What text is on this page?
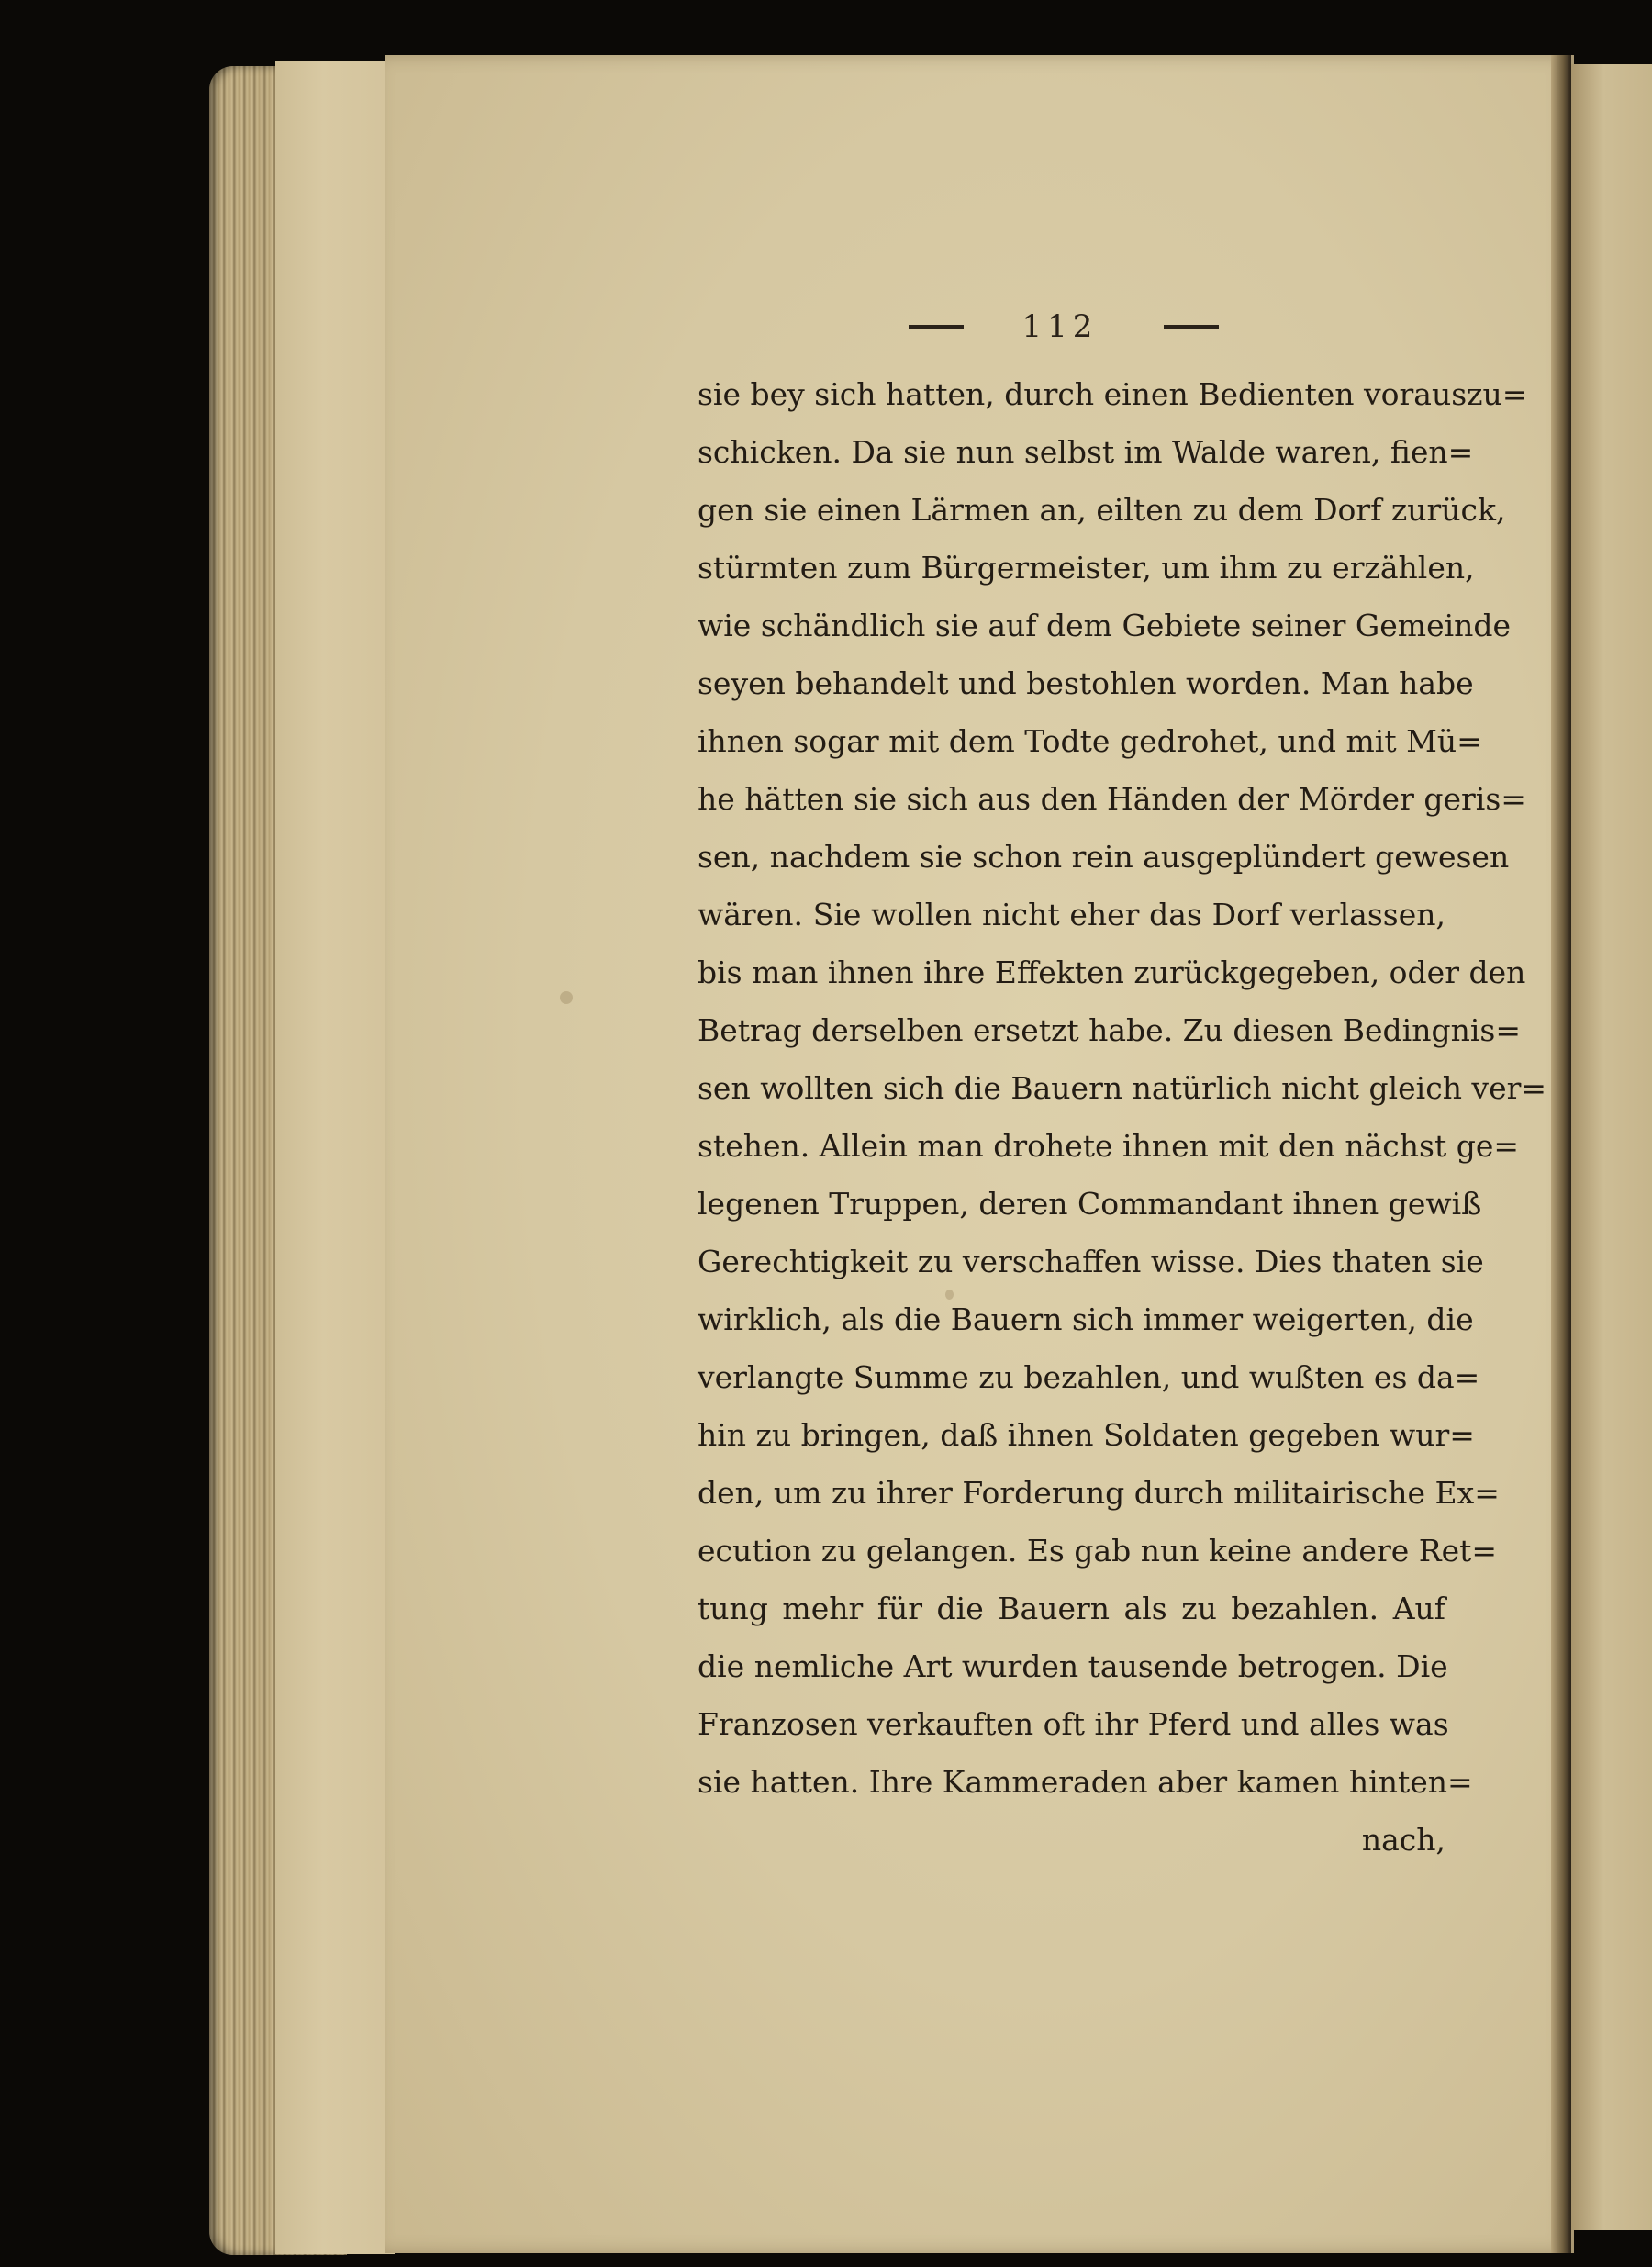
112
sie bey sich hatten, durch einen Bedienten vorauszu=
schicken. Da sie nun selbst im Walde waren, fien=
gen sie einen Lärmen an, eilten zu dem Dorf zurück,
stürmten zum Bürgermeister, um ihm zu erzählen,
wie schändlich sie auf dem Gebiete seiner Gemeinde
seyen behandelt und bestohlen worden. Man habe
ihnen sogar mit dem Todte gedrohet, und mit Mü=
he hätten sie sich aus den Händen der Mörder geris=
sen, nachdem sie schon rein ausgeplündert gewesen
wären. Sie wollen nicht eher das Dorf verlassen,
bis man ihnen ihre Effekten zurückgegeben, oder den
Betrag derselben ersetzt habe. Zu diesen Bedingnis=
sen wollten sich die Bauern natürlich nicht gleich ver=
stehen. Allein man drohete ihnen mit den nächst ge=
legenen Truppen, deren Commandant ihnen gewiß
Gerechtigkeit zu verschaffen wisse. Dies thaten sie
wirklich, als die Bauern sich immer weigerten, die
verlangte Summe zu bezahlen, und wußten es da=
hin zu bringen, daß ihnen Soldaten gegeben wur=
den, um zu ihrer Forderung durch militairische Ex=
ecution zu gelangen. Es gab nun keine andere Ret=
tung mehr für die Bauern als zu bezahlen. Auf
die nemliche Art wurden tausende betrogen. Die
Franzosen verkauften oft ihr Pferd und alles was
sie hatten. Ihre Kammeraden aber kamen hinten=
nach,
